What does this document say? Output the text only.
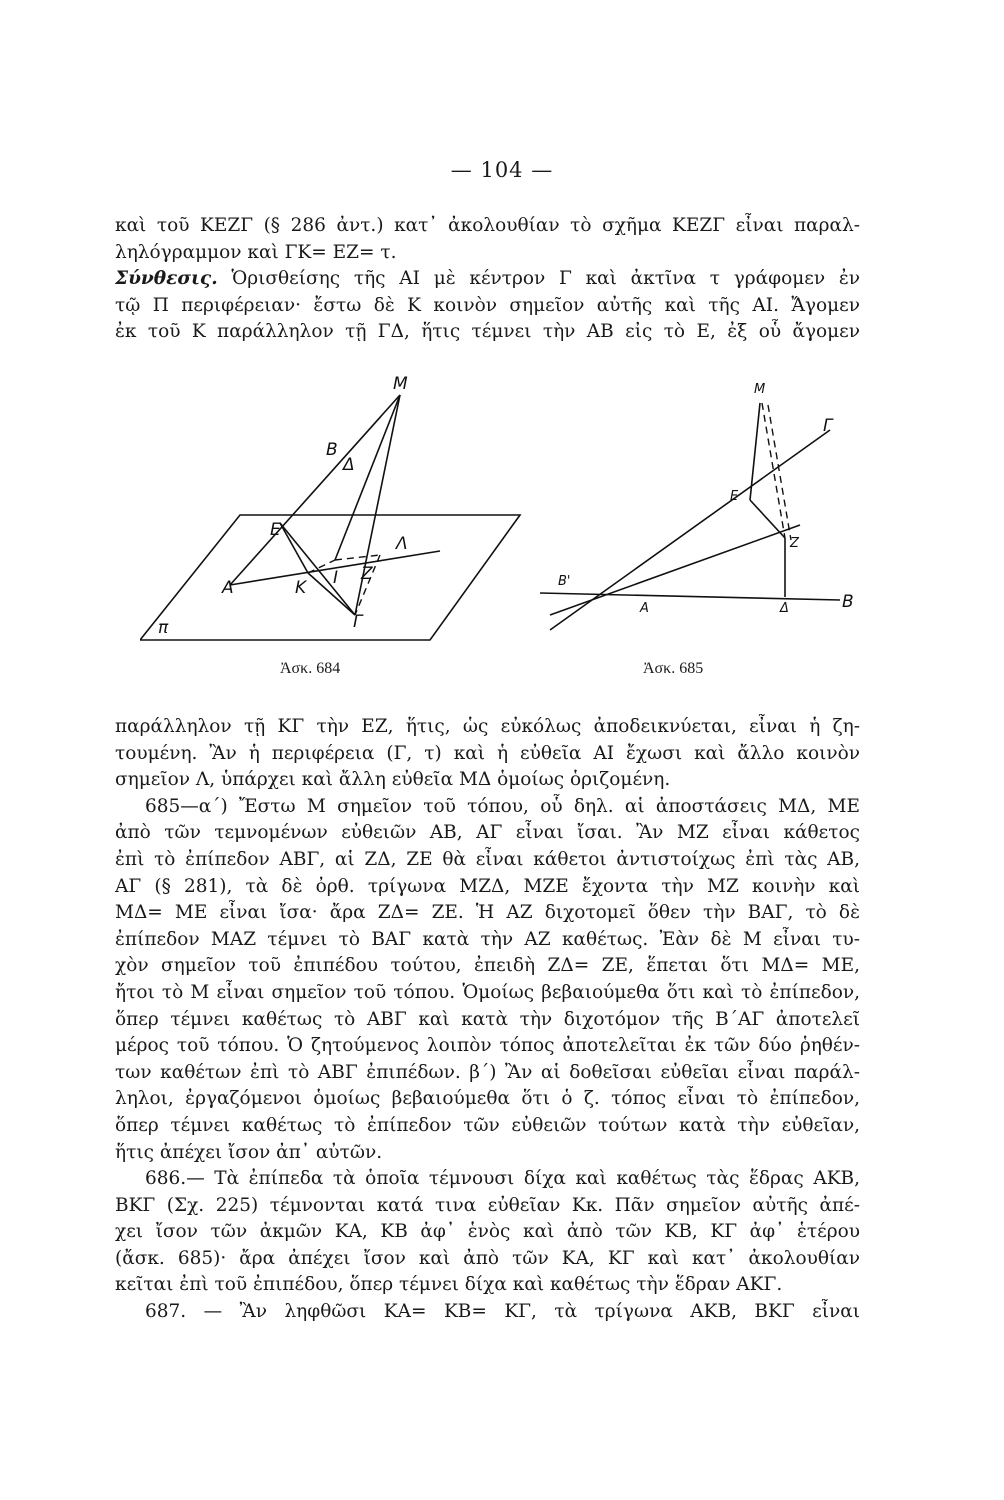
— 104 —
καὶ τοῦ ΚΕΖΓ (§ 286 ἀντ.) κατ᾽ ἀκολουθίαν τὸ σχῆμα ΚΕΖΓ εἶναι παραλ-
ληλόγραμμον καὶ ΓΚ= ΕΖ= τ.
Σύνθεσις. Ὁρισθείσης τῆς ΑΙ μὲ κέντρον Γ καὶ ἀκτῖνα τ γράφομεν ἐν
τῷ Π περιφέρειαν· ἔστω δὲ Κ κοινὸν σημεῖον αὐτῆς καὶ τῆς ΑΙ. Ἄγομεν
ἐκ τοῦ Κ παράλληλον τῇ ΓΔ, ἥτις τέμνει τὴν ΑΒ εἰς τὸ Ε, ἐξ οὗ ἄγομεν
Μ
Β
Δ
Ε
Α	Κ Ι Ζ
Λ
Γ
π
Μ
Γ
Ε
Ζ
Β'
Α	Δ	Β
Ἀσκ. 684	Ἀσκ. 685
παράλληλον τῇ ΚΓ τὴν ΕΖ, ἥτις, ὡς εὐκόλως ἀποδεικνύεται, εἶναι ἡ ζη-
τουμένη. Ἂν ἡ περιφέρεια (Γ, τ) καὶ ἡ εὐθεῖα ΑΙ ἔχωσι καὶ ἄλλο κοινὸν
σημεῖον Λ, ὑπάρχει καὶ ἄλλη εὐθεῖα ΜΔ ὁμοίως ὁριζομένη.
685—α΄) Ἔστω Μ σημεῖον τοῦ τόπου, οὗ δηλ. αἱ ἀποστάσεις ΜΔ, ΜΕ
ἀπὸ τῶν τεμνομένων εὐθειῶν ΑΒ, ΑΓ εἶναι ἴσαι. Ἂν ΜΖ εἶναι κάθετος
ἐπὶ τὸ ἐπίπεδον ΑΒΓ, αἱ ΖΔ, ΖΕ θὰ εἶναι κάθετοι ἀντιστοίχως ἐπὶ τὰς ΑΒ,
ΑΓ (§ 281), τὰ δὲ ὀρθ. τρίγωνα ΜΖΔ, ΜΖΕ ἔχοντα τὴν ΜΖ κοινὴν καὶ
ΜΔ= ΜΕ εἶναι ἴσα· ἄρα ΖΔ= ΖΕ. Ἡ ΑΖ διχοτομεῖ ὅθεν τὴν ΒΑΓ, τὸ δὲ
ἐπίπεδον ΜΑΖ τέμνει τὸ ΒΑΓ κατὰ τὴν ΑΖ καθέτως. Ἐὰν δὲ Μ εἶναι τυ-
χὸν σημεῖον τοῦ ἐπιπέδου τούτου, ἐπειδὴ ΖΔ= ΖΕ, ἕπεται ὅτι ΜΔ= ΜΕ,
ἤτοι τὸ Μ εἶναι σημεῖον τοῦ τόπου. Ὁμοίως βεβαιούμεθα ὅτι καὶ τὸ ἐπίπεδον,
ὅπερ τέμνει καθέτως τὸ ΑΒΓ καὶ κατὰ τὴν διχοτόμον τῆς Β΄ΑΓ ἀποτελεῖ
μέρος τοῦ τόπου. Ὁ ζητούμενος λοιπὸν τόπος ἀποτελεῖται ἐκ τῶν δύο ῥηθέν-
των καθέτων ἐπὶ τὸ ΑΒΓ ἐπιπέδων. β΄) Ἂν αἱ δοθεῖσαι εὐθεῖαι εἶναι παράλ-
ληλοι, ἐργαζόμενοι ὁμοίως βεβαιούμεθα ὅτι ὁ ζ. τόπος εἶναι τὸ ἐπίπεδον,
ὅπερ τέμνει καθέτως τὸ ἐπίπεδον τῶν εὐθειῶν τούτων κατὰ τὴν εὐθεῖαν,
ἥτις ἀπέχει ἴσον ἀπ᾽ αὐτῶν.
686.— Τὰ ἐπίπεδα τὰ ὁποῖα τέμνουσι δίχα καὶ καθέτως τὰς ἕδρας ΑΚΒ,
ΒΚΓ (Σχ. 225) τέμνονται κατά τινα εὐθεῖαν Κκ. Πᾶν σημεῖον αὐτῆς ἀπέ-
χει ἴσον τῶν ἀκμῶν ΚΑ, ΚΒ ἀφ᾽ ἑνὸς καὶ ἀπὸ τῶν ΚΒ, ΚΓ ἀφ᾽ ἑτέρου
(ἄσκ. 685)· ἄρα ἀπέχει ἴσον καὶ ἀπὸ τῶν ΚΑ, ΚΓ καὶ κατ᾽ ἀκολουθίαν
κεῖται ἐπὶ τοῦ ἐπιπέδου, ὅπερ τέμνει δίχα καὶ καθέτως τὴν ἕδραν ΑΚΓ.
687. — Ἂν ληφθῶσι ΚΑ= ΚΒ= ΚΓ, τὰ τρίγωνα ΑΚΒ, ΒΚΓ εἶναι
